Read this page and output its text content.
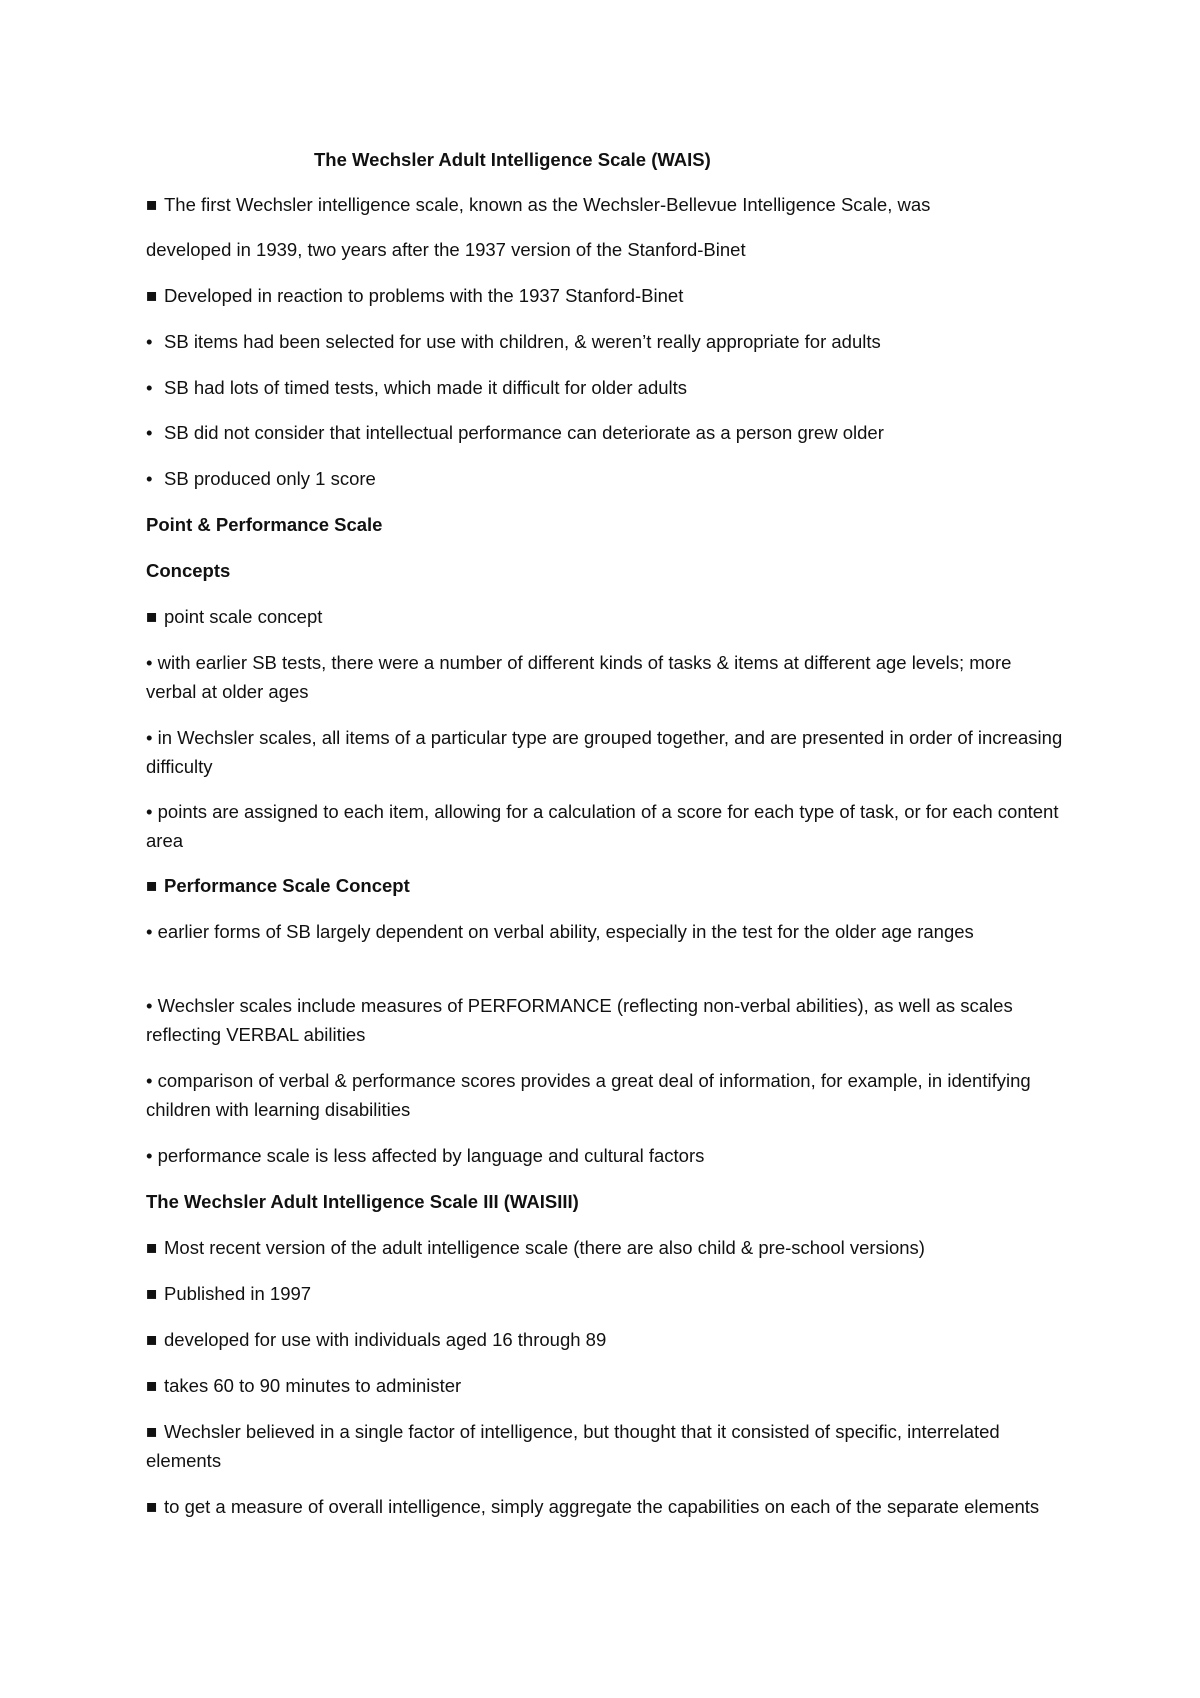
The Wechsler Adult Intelligence Scale (WAIS)
■ The first Wechsler intelligence scale, known as the Wechsler-Bellevue Intelligence Scale, was
developed in 1939, two years after the 1937 version of the Stanford-Binet
■ Developed in reaction to problems with the 1937 Stanford-Binet
• SB items had been selected for use with children, & weren’t really appropriate for adults
• SB had lots of timed tests, which made it difficult for older adults
• SB did not consider that intellectual performance can deteriorate as a person grew older
• SB produced only 1 score
Point & Performance Scale
Concepts
■ point scale concept
• with earlier SB tests, there were a number of different kinds of tasks & items at different age levels; more verbal at older ages
• in Wechsler scales, all items of a particular type are grouped together, and are presented in order of increasing difficulty
• points are assigned to each item, allowing for a calculation of a score for each type of task, or for each content area
■ Performance Scale Concept
• earlier forms of SB largely dependent on verbal ability, especially in the test for the older age ranges
• Wechsler scales include measures of PERFORMANCE (reflecting non-verbal abilities), as well as scales reflecting VERBAL abilities
• comparison of verbal & performance scores provides a great deal of information, for example, in identifying children with learning disabilities
• performance scale is less affected by language and cultural factors
The Wechsler Adult Intelligence Scale III (WAISIII)
■ Most recent version of the adult intelligence scale (there are also child & pre-school versions)
■ Published in 1997
■ developed for use with individuals aged 16 through 89
■ takes 60 to 90 minutes to administer
■ Wechsler believed in a single factor of intelligence, but thought that it consisted of specific, interrelated elements
■ to get a measure of overall intelligence, simply aggregate the capabilities on each of the separate elements
